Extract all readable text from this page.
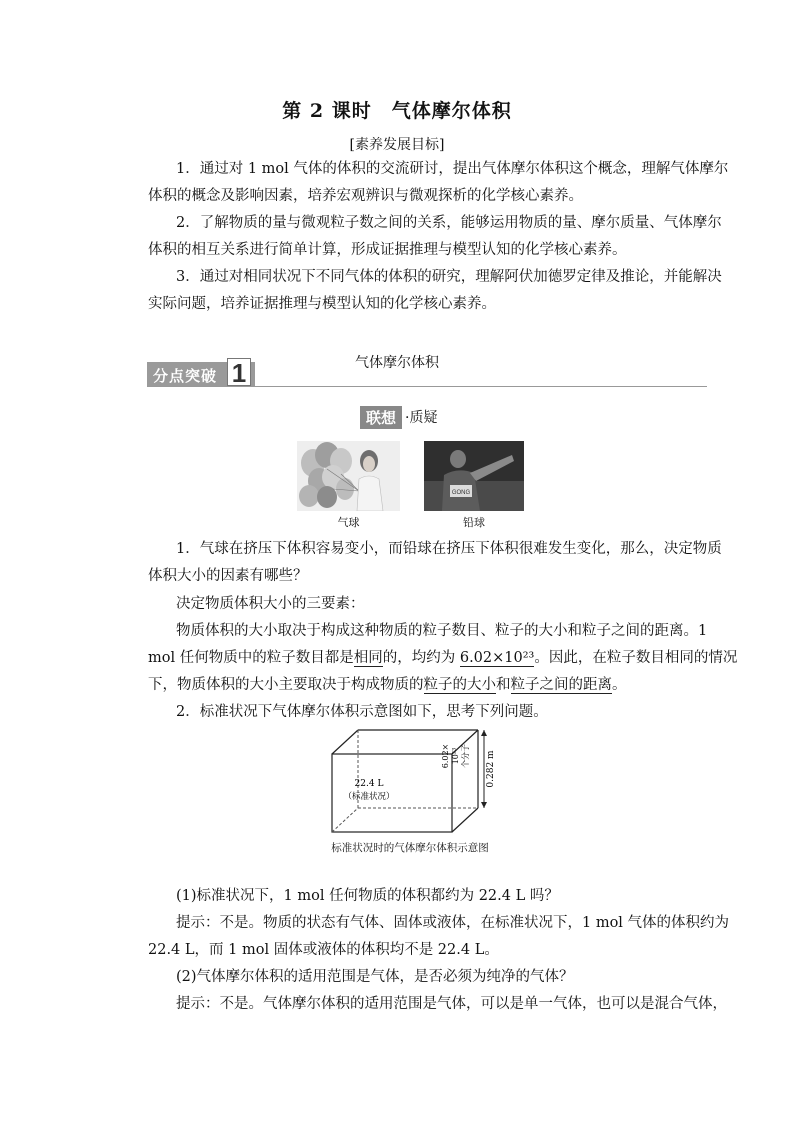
第 2 课时　气体摩尔体积
[素养发展目标]
1．通过对 1 mol 气体的体积的交流研讨，提出气体摩尔体积这个概念，理解气体摩尔
体积的概念及影响因素，培养宏观辨识与微观探析的化学核心素养。
2．了解物质的量与微观粒子数之间的关系，能够运用物质的量、摩尔质量、气体摩尔
体积的相互关系进行简单计算，形成证据推理与模型认知的化学核心素养。
3．通过对相同状况下不同气体的体积的研究，理解阿伏加德罗定律及推论，并能解决
实际问题，培养证据推理与模型认知的化学核心素养。
分点突破 1	气体摩尔体积
联想 ·质疑
气球
GONG
铅球
1．气球在挤压下体积容易变小，而铅球在挤压下体积很难发生变化，那么，决定物质
体积大小的因素有哪些？
决定物质体积大小的三要素：
物质体积的大小取决于构成这种物质的粒子数目、粒子的大小和粒子之间的距离。1
mol 任何物质中的粒子数目都是相同的，均约为 6.02×10²³。因此，在粒子数目相同的情况
下，物质体积的大小主要取决于构成物质的粒子的大小和粒子之间的距离。
2．标准状况下气体摩尔体积示意图如下，思考下列问题。
0.282 m
6.02× 10²³ 个分子
22.4 L
（标准状况）
标准状况时的气体摩尔体积示意图
(1)标准状况下，1 mol 任何物质的体积都约为 22.4 L 吗？
提示：不是。物质的状态有气体、固体或液体，在标准状况下，1 mol 气体的体积约为
22.4 L，而 1 mol 固体或液体的体积均不是 22.4 L。
(2)气体摩尔体积的适用范围是气体，是否必须为纯净的气体？
提示：不是。气体摩尔体积的适用范围是气体，可以是单一气体，也可以是混合气体，
